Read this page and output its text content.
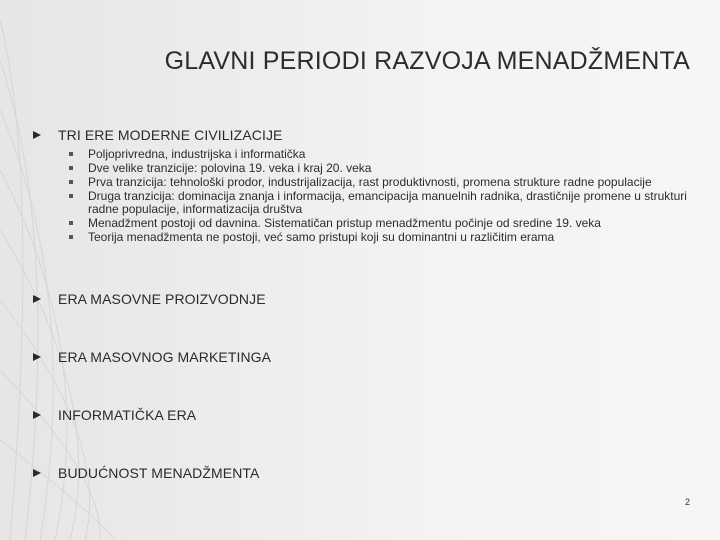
GLAVNI PERIODI RAZVOJA MENADŽMENTA
TRI ERE MODERNE CIVILIZACIJE
Poljoprivredna, industrijska i informatička
Dve velike tranzicije: polovina 19. veka i kraj 20. veka
Prva tranzicija: tehnološki prodor, industrijalizacija, rast produktivnosti, promena strukture radne populacije
Druga tranzicija: dominacija znanja i informacija, emancipacija manuelnih radnika, drastičnije promene u strukturi radne populacije, informatizacija društva
Menadžment postoji od davnina. Sistematičan pristup menadžmentu počinje od sredine 19. veka
Teorija menadžmenta ne postoji, već samo pristupi koji su dominantni u različitim erama
ERA MASOVNE PROIZVODNJE
ERA MASOVNOG MARKETINGA
INFORMATIČKA ERA
BUDUĆNOST MENADŽMENTA
2
